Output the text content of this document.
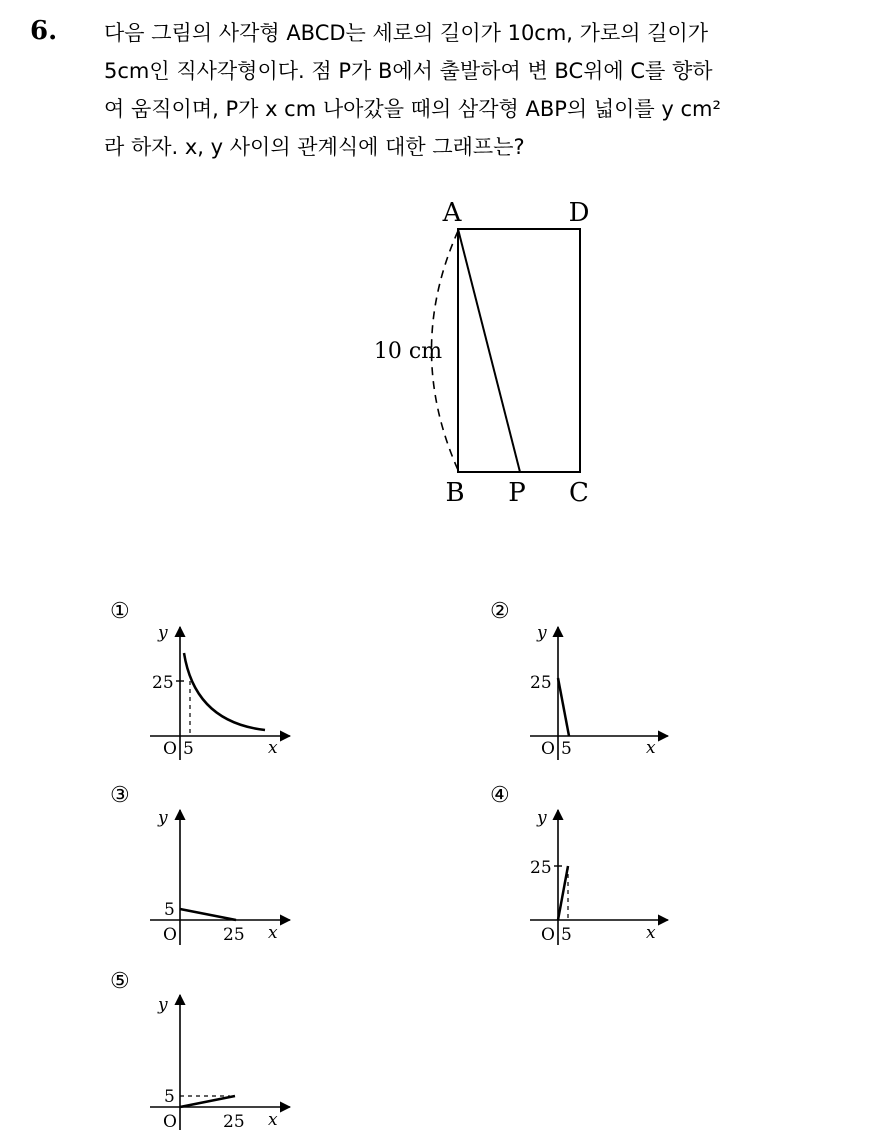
6. 다음 그림의 사각형 ABCD는 세로의 길이가 10cm, 가로의 길이가
5cm인 직사각형이다. 점 P가 B에서 출발하여 변 BC위에 C를 향하
여 움직이며, P가 x cm 나아갔을 때의 삼각형 ABP의 넓이를 y cm²
라 하자. x, y 사이의 관계식에 대한 그래프는?
A	D
B P C
10 cm
①
y
x
O 5
25
②
y
x
O 5
25
③
y
x
O	25
5
④
y
x
O 5
25
⑤
y
x
O	25
5
